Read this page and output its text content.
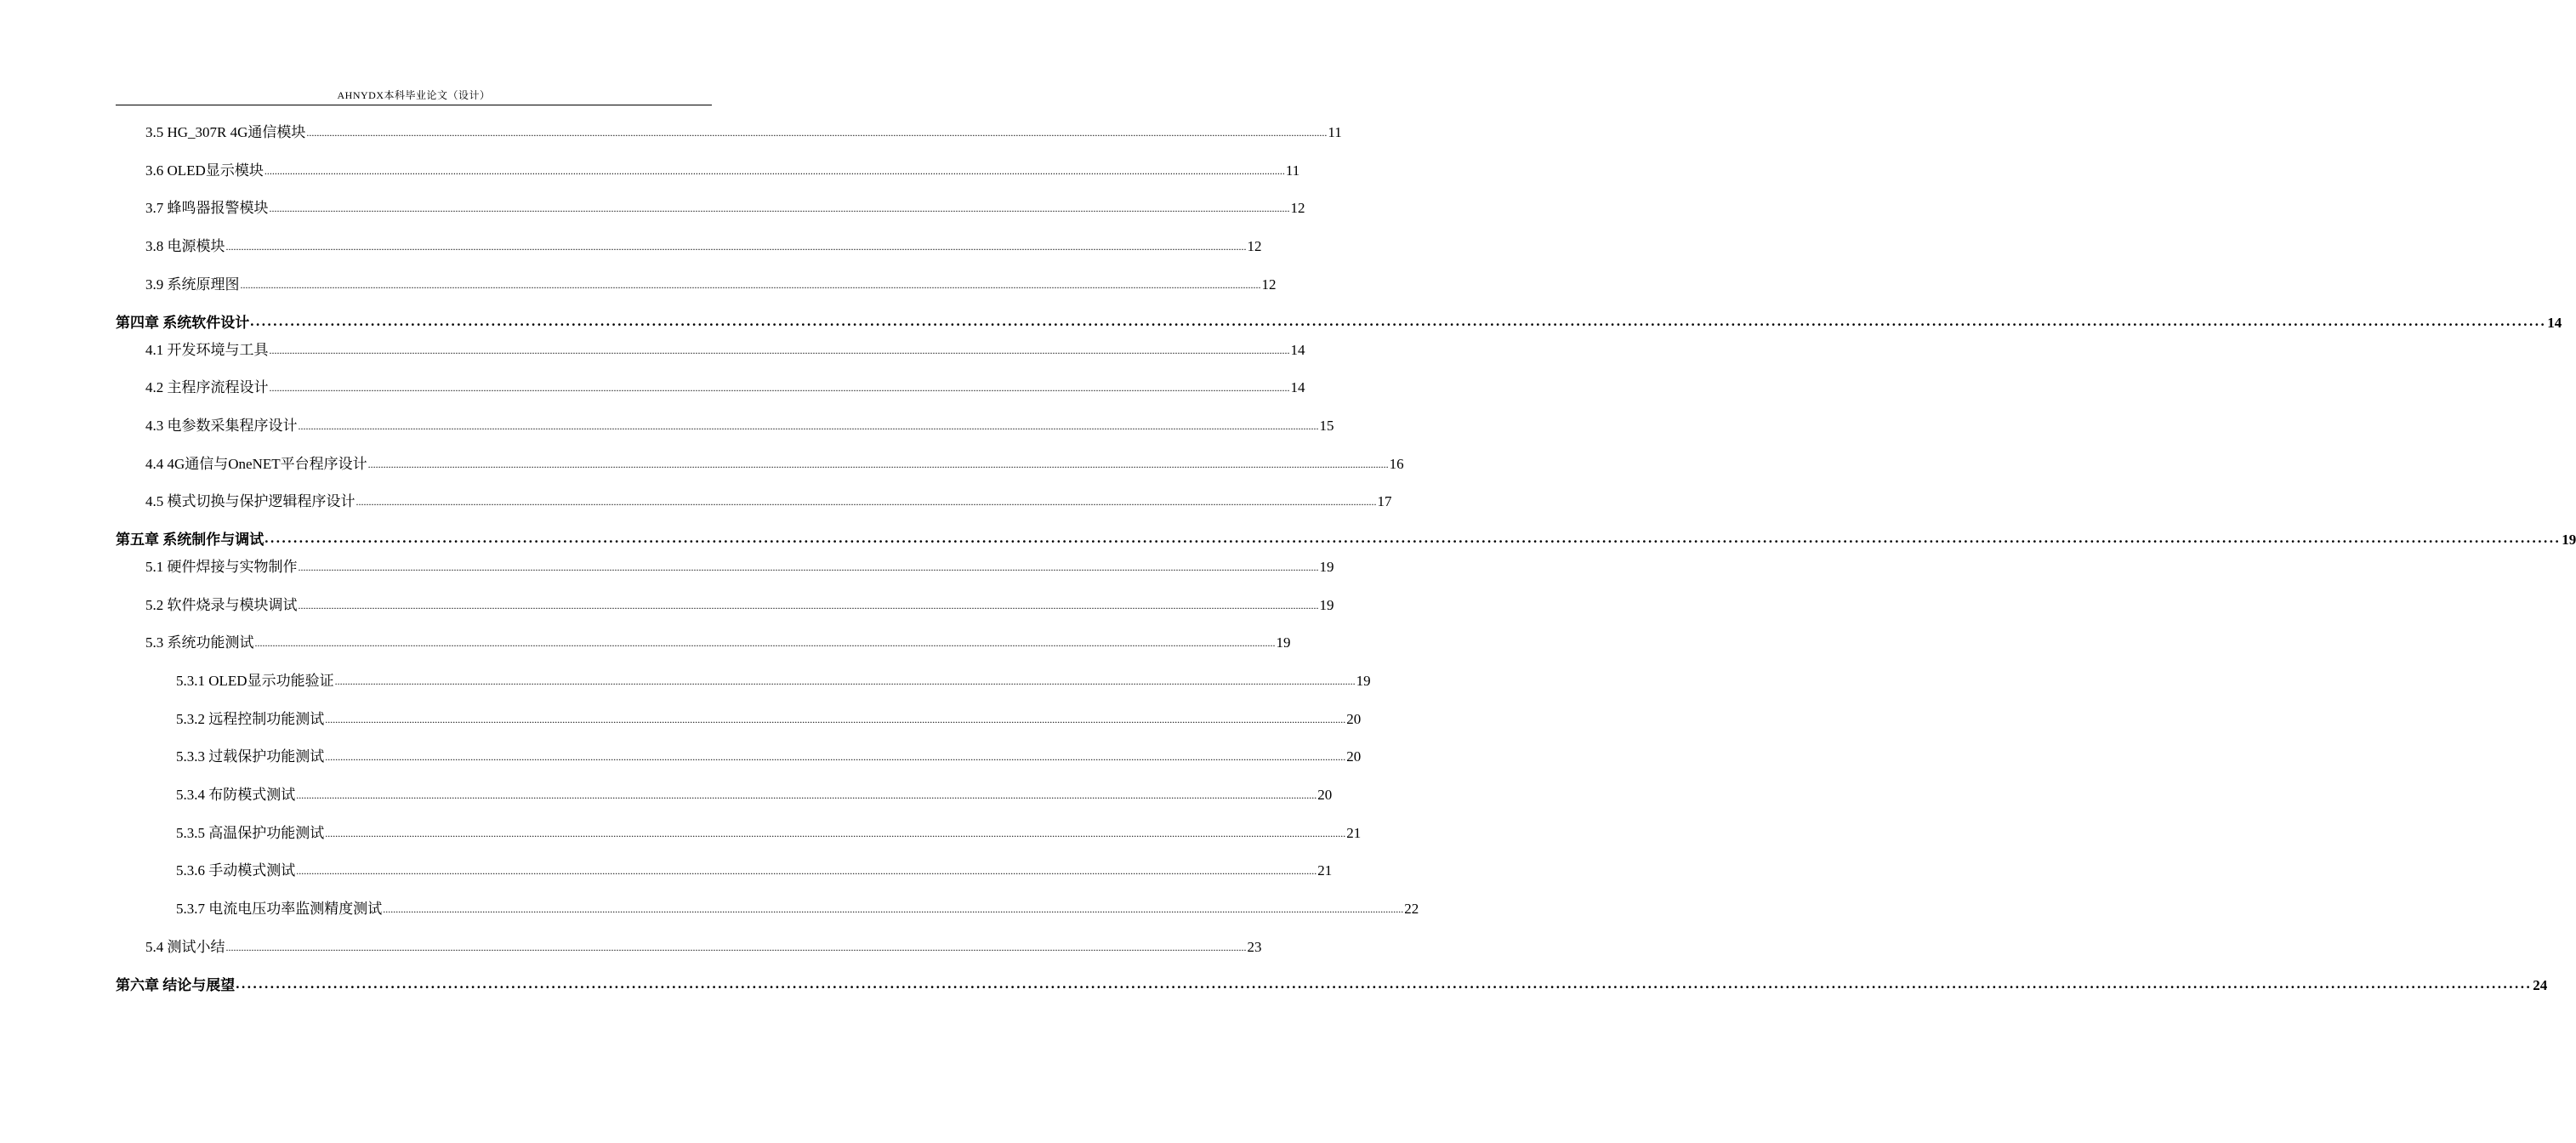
AHNYDX本科毕业论文（设计）
3.5 HG_307R 4G通信模块 ................................................................................................................................................................................................................................................................................................................................................................................................................ 11
3.6 OLED显示模块 ................................................................................................................................................................................................................................................................................................................................................................................................................ 11
3.7 蜂鸣器报警模块 ................................................................................................................................................................................................................................................................................................................................................................................................................ 12
3.8 电源模块 ................................................................................................................................................................................................................................................................................................................................................................................................................ 12
3.9 系统原理图 ................................................................................................................................................................................................................................................................................................................................................................................................................ 12
第四章 系统软件设计 ................................................................................................................................................................................................................................................................................................................................................................................................................ 14
4.1 开发环境与工具 ................................................................................................................................................................................................................................................................................................................................................................................................................ 14
4.2 主程序流程设计 ................................................................................................................................................................................................................................................................................................................................................................................................................ 14
4.3 电参数采集程序设计 ................................................................................................................................................................................................................................................................................................................................................................................................................ 15
4.4 4G通信与OneNET平台程序设计 ................................................................................................................................................................................................................................................................................................................................................................................................................ 16
4.5 模式切换与保护逻辑程序设计 ................................................................................................................................................................................................................................................................................................................................................................................................................ 17
第五章 系统制作与调试 ................................................................................................................................................................................................................................................................................................................................................................................................................ 19
5.1 硬件焊接与实物制作 ................................................................................................................................................................................................................................................................................................................................................................................................................ 19
5.2 软件烧录与模块调试 ................................................................................................................................................................................................................................................................................................................................................................................................................ 19
5.3 系统功能测试 ................................................................................................................................................................................................................................................................................................................................................................................................................ 19
5.3.1 OLED显示功能验证 ................................................................................................................................................................................................................................................................................................................................................................................................................ 19
5.3.2 远程控制功能测试 ................................................................................................................................................................................................................................................................................................................................................................................................................ 20
5.3.3 过载保护功能测试 ................................................................................................................................................................................................................................................................................................................................................................................................................ 20
5.3.4 布防模式测试 ................................................................................................................................................................................................................................................................................................................................................................................................................ 20
5.3.5 高温保护功能测试 ................................................................................................................................................................................................................................................................................................................................................................................................................ 21
5.3.6 手动模式测试 ................................................................................................................................................................................................................................................................................................................................................................................................................ 21
5.3.7 电流电压功率监测精度测试 ................................................................................................................................................................................................................................................................................................................................................................................................................ 22
5.4 测试小结 ................................................................................................................................................................................................................................................................................................................................................................................................................ 23
第六章 结论与展望 ................................................................................................................................................................................................................................................................................................................................................................................................................ 24
